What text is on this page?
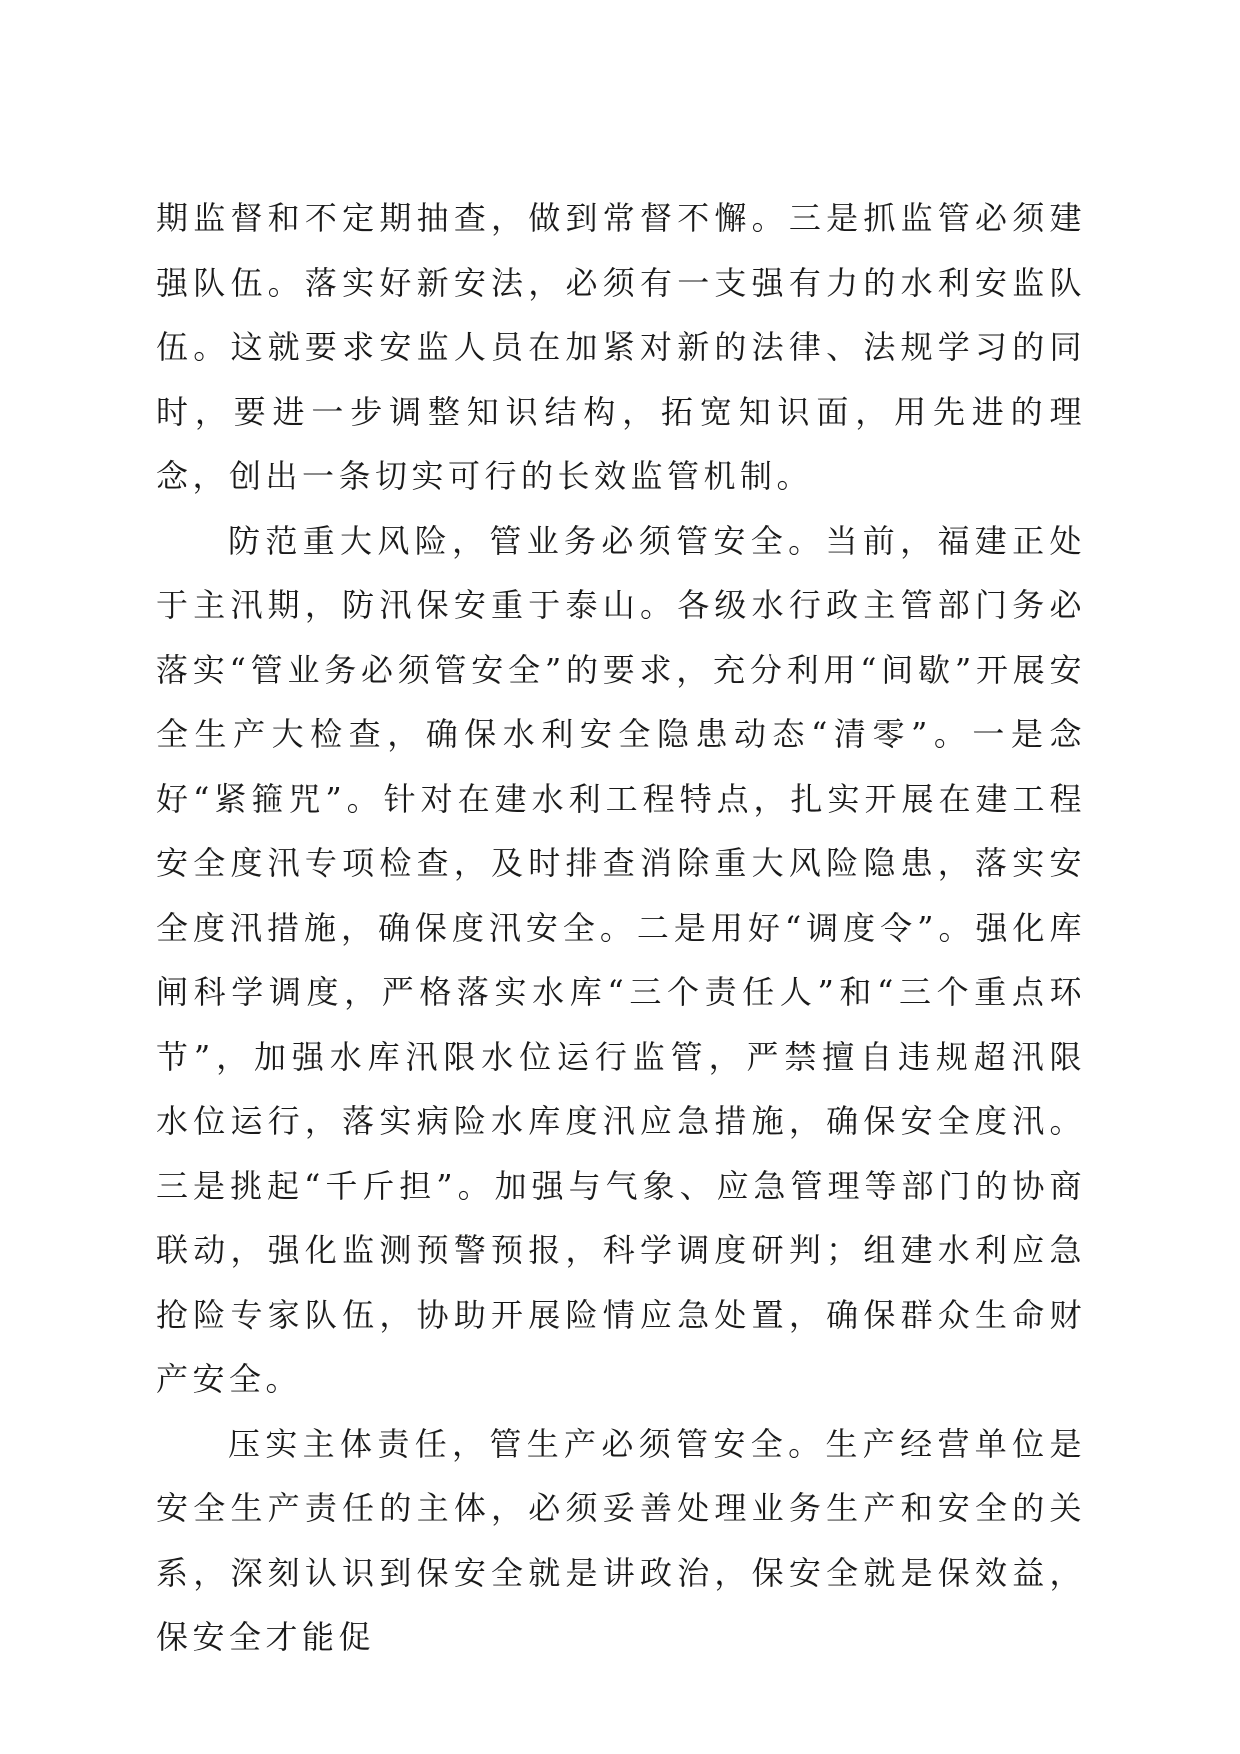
期监督和不定期抽查，做到常督不懈。三是抓监管必须建强队伍。落实好新安法，必须有一支强有力的水利安监队伍。这就要求安监人员在加紧对新的法律、法规学习的同时，要进一步调整知识结构，拓宽知识面，用先进的理念，创出一条切实可行的长效监管机制。

防范重大风险，管业务必须管安全。当前，福建正处于主汛期，防汛保安重于泰山。各级水行政主管部门务必落实“管业务必须管安全”的要求，充分利用“间歇”开展安全生产大检查，确保水利安全隐患动态“清零”。一是念好“紧箍咒”。针对在建水利工程特点，扎实开展在建工程安全度汛专项检查，及时排查消除重大风险隐患，落实安全度汛措施，确保度汛安全。二是用好“调度令”。强化库闸科学调度，严格落实水库“三个责任人”和“三个重点环节”，加强水库汛限水位运行监管，严禁擅自违规超汛限水位运行，落实病险水库度汛应急措施，确保安全度汛。三是挑起“千斤担”。加强与气象、应急管理等部门的协商联动，强化监测预警预报，科学调度研判；组建水利应急抢险专家队伍，协助开展险情应急处置，确保群众生命财产安全。

压实主体责任，管生产必须管安全。生产经营单位是安全生产责任的主体，必须妥善处理业务生产和安全的关系，深刻认识到保安全就是讲政治，保安全就是保效益，保安全才能促
